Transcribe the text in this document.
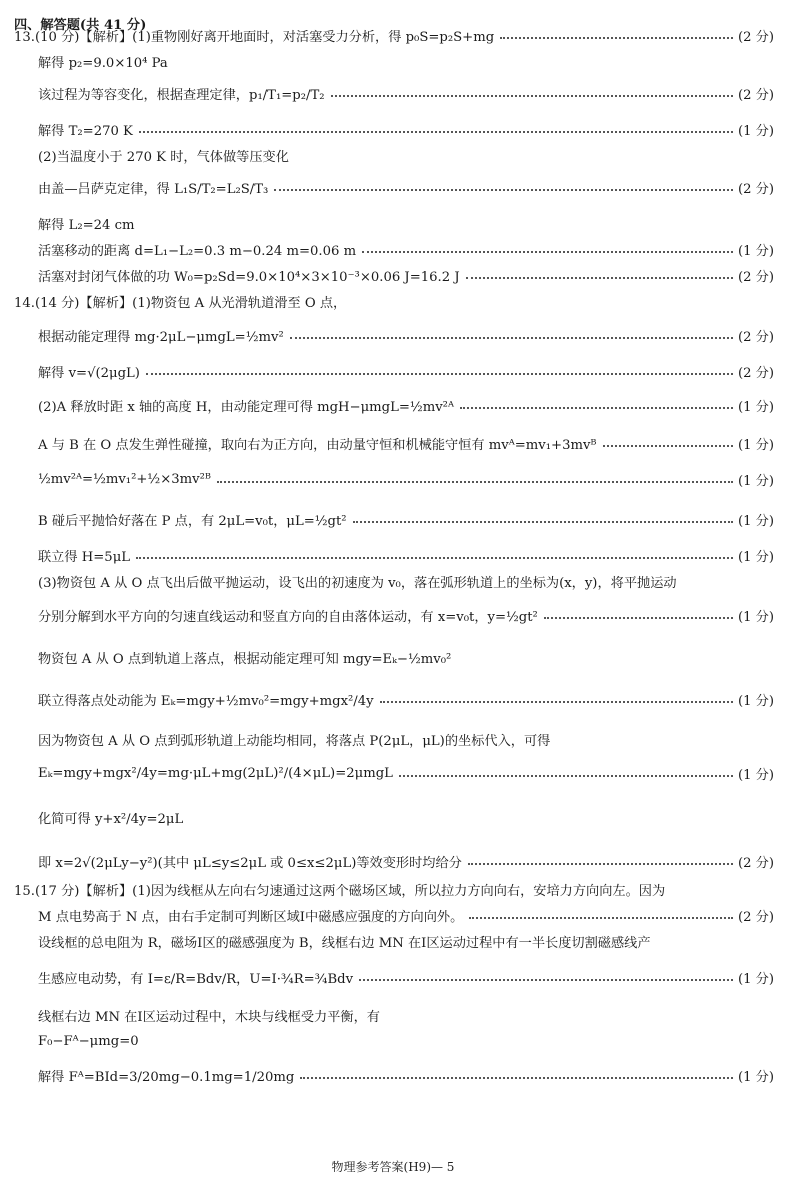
四、解答题(共 41 分)
13.(10 分)【解析】(1)重物刚好离开地面时，对活塞受力分析，得 p₀S=p₂S+mg	(2 分)
解得 p₂=9.0×10⁴ Pa
该过程为等容变化，根据查理定律，p₁/T₁=p₂/T₂	(2 分)
解得 T₂=270 K	(1 分)
(2)当温度小于 270 K 时，气体做等压变化
由盖—吕萨克定律，得 L₁S/T₂=L₂S/T₃	(2 分)
解得 L₂=24 cm
活塞移动的距离 d=L₁−L₂=0.3 m−0.24 m=0.06 m	(1 分)
活塞对封闭气体做的功 W₀=p₂Sd=9.0×10⁴×3×10⁻³×0.06 J=16.2 J	(2 分)
14.(14 分)【解析】(1)物资包 A 从光滑轨道滑至 O 点，
根据动能定理得 mg·2μL−μmgL=½mv²	(2 分)
解得 v=√(2μgL)	(2 分)
(2)A 释放时距 x 轴的高度 H，由动能定理可得 mgH−μmgL=½mv²ᴬ	(1 分)
A 与 B 在 O 点发生弹性碰撞，取向右为正方向，由动量守恒和机械能守恒有 mvᴬ=mv₁+3mvᴮ	(1 分)
½mv²ᴬ=½mv₁²+½×3mv²ᴮ	(1 分)
B 碰后平抛恰好落在 P 点，有 2μL=v₀t，μL=½gt²	(1 分)
联立得 H=5μL	(1 分)
(3)物资包 A 从 O 点飞出后做平抛运动，设飞出的初速度为 v₀，落在弧形轨道上的坐标为(x，y)，将平抛运动
分别分解到水平方向的匀速直线运动和竖直方向的自由落体运动，有 x=v₀t，y=½gt²	(1 分)
物资包 A 从 O 点到轨道上落点，根据动能定理可知 mgy=Eₖ−½mv₀²
联立得落点处动能为 Eₖ=mgy+½mv₀²=mgy+mgx²/4y	(1 分)
因为物资包 A 从 O 点到弧形轨道上动能均相同，将落点 P(2μL，μL)的坐标代入，可得
Eₖ=mgy+mgx²/4y=mg·μL+mg(2μL)²/(4×μL)=2μmgL	(1 分)
化简可得 y+x²/4y=2μL
即 x=2√(2μLy−y²)(其中 μL≤y≤2μL 或 0≤x≤2μL)等效变形时均给分	(2 分)
15.(17 分)【解析】(1)因为线框从左向右匀速通过这两个磁场区域，所以拉力方向向右，安培力方向向左。因为
M 点电势高于 N 点，由右手定制可判断区域Ⅰ中磁感应强度的方向向外。	(2 分)
设线框的总电阻为 R，磁场Ⅰ区的磁感强度为 B，线框右边 MN 在Ⅰ区运动过程中有一半长度切割磁感线产
生感应电动势，有 I=ε/R=Bdv/R，U=I·¾R=¾Bdv	(1 分)
线框右边 MN 在Ⅰ区运动过程中，木块与线框受力平衡，有
F₀−Fᴬ−μmg=0
解得 Fᴬ=BId=3/20mg−0.1mg=1/20mg	(1 分)
物理参考答案(H9)— 5
